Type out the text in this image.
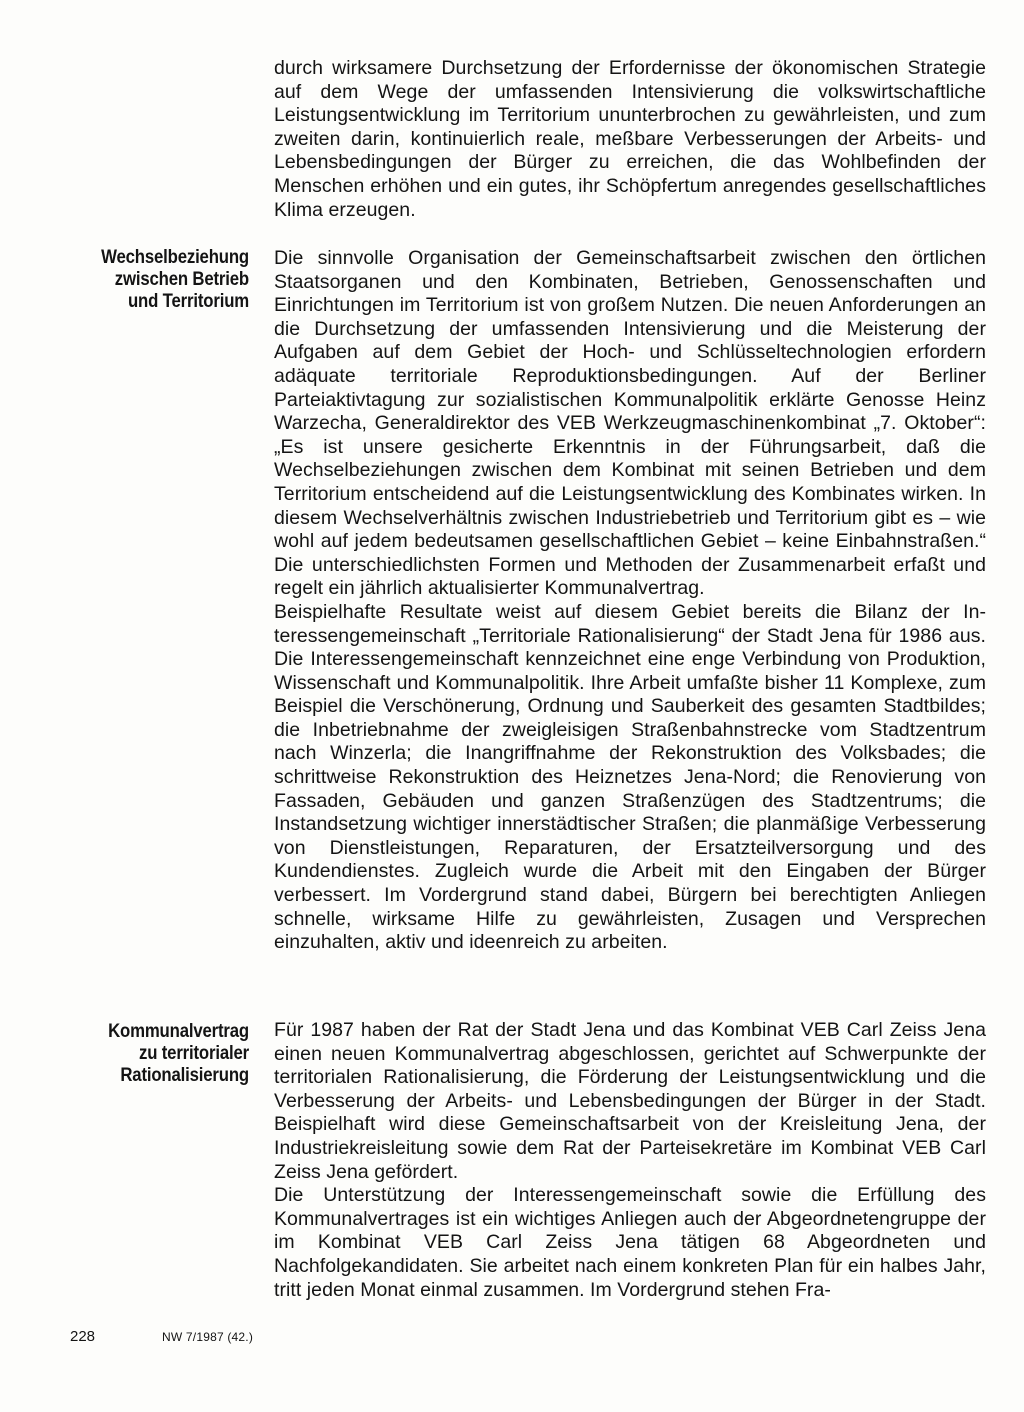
durch wirksamere Durchsetzung der Erfordernisse der ökonomischen Strategie auf dem Wege der umfassenden Intensivierung die volkswirtschaftliche Leistungsentwicklung im Territorium ununterbrochen zu gewährleisten, und zum zweiten darin, kontinuierlich reale, meßbare Verbesserungen der Arbeits- und Lebensbedingungen der Bürger zu erreichen, die das Wohlbefinden der Menschen erhöhen und ein gutes, ihr Schöpfertum anregendes gesellschaftliches Klima erzeugen.

Wechselbeziehung
zwischen Betrieb
und Territorium

Die sinnvolle Organisation der Gemeinschaftsarbeit zwischen den örtlichen Staatsorganen und den Kombinaten, Betrieben, Genossenschaften und Einrichtungen im Territorium ist von großem Nutzen. Die neuen Anforderungen an die Durchsetzung der umfassenden Intensivierung und die Meisterung der Aufgaben auf dem Gebiet der Hoch- und Schlüsseltechnologien erfordern adäquate territoriale Reproduktionsbedingungen. Auf der Berliner Parteiaktivtagung zur sozialistischen Kommunalpolitik erklärte Genosse Heinz Warzecha, Generaldirektor des VEB Werkzeugmaschinenkombinat „7. Oktober“: „Es ist unsere gesicherte Erkenntnis in der Führungsarbeit, daß die Wechselbeziehungen zwischen dem Kombinat mit seinen Betrieben und dem Territorium entscheidend auf die Leistungsentwicklung des Kombinates wirken. In diesem Wechselverhältnis zwischen Industriebetrieb und Territorium gibt es – wie wohl auf jedem bedeutsamen gesellschaftlichen Gebiet – keine Einbahnstraßen.“ Die unterschiedlichsten Formen und Methoden der Zusammenarbeit erfaßt und regelt ein jährlich aktualisierter Kommunalvertrag.

Beispielhafte Resultate weist auf diesem Gebiet bereits die Bilanz der Interessengemeinschaft „Territoriale Rationalisierung“ der Stadt Jena für 1986 aus. Die Interessengemeinschaft kennzeichnet eine enge Verbindung von Produktion, Wissenschaft und Kommunalpolitik. Ihre Arbeit umfaßte bisher 11 Komplexe, zum Beispiel die Verschönerung, Ordnung und Sauberkeit des gesamten Stadtbildes; die Inbetriebnahme der zweigleisigen Straßenbahnstrecke vom Stadtzentrum nach Winzerla; die Inangriffnahme der Rekonstruktion des Volksbades; die schrittweise Rekonstruktion des Heiznetzes Jena-Nord; die Renovierung von Fassaden, Gebäuden und ganzen Straßenzügen des Stadtzentrums; die Instandsetzung wichtiger innerstädtischer Straßen; die planmäßige Verbesserung von Dienstleistungen, Reparaturen, der Ersatzteilversorgung und des Kundendienstes. Zugleich wurde die Arbeit mit den Eingaben der Bürger verbessert. Im Vordergrund stand dabei, Bürgern bei berechtigten Anliegen schnelle, wirksame Hilfe zu gewährleisten, Zusagen und Versprechen einzuhalten, aktiv und ideenreich zu arbeiten.

Kommunalvertrag
zu territorialer
Rationalisierung

Für 1987 haben der Rat der Stadt Jena und das Kombinat VEB Carl Zeiss Jena einen neuen Kommunalvertrag abgeschlossen, gerichtet auf Schwerpunkte der territorialen Rationalisierung, die Förderung der Leistungsentwicklung und die Verbesserung der Arbeits- und Lebensbedingungen der Bürger in der Stadt. Beispielhaft wird diese Gemeinschaftsarbeit von der Kreisleitung Jena, der Industriekreisleitung sowie dem Rat der Parteisekretäre im Kombinat VEB Carl Zeiss Jena gefördert.

Die Unterstützung der Interessengemeinschaft sowie die Erfüllung des Kommunalvertrages ist ein wichtiges Anliegen auch der Abgeordnetengruppe der im Kombinat VEB Carl Zeiss Jena tätigen 68 Abgeordneten und Nachfolgekandidaten. Sie arbeitet nach einem konkreten Plan für ein halbes Jahr, tritt jeden Monat einmal zusammen. Im Vordergrund stehen Fra-

228	NW 7/1987 (42.)
